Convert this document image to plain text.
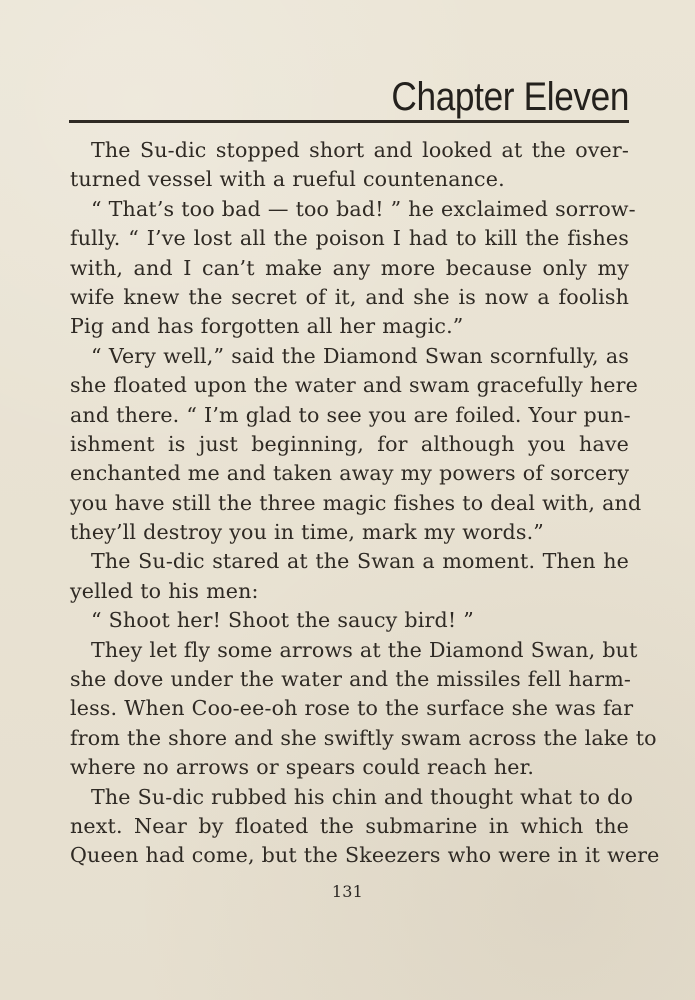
Chapter Eleven
The Su-dic stopped short and looked at the over-
turned vessel with a rueful countenance.
“ That’s too bad — too bad! ” he exclaimed sorrow-
fully. “ I’ve lost all the poison I had to kill the fishes
with, and I can’t make any more because only my
wife knew the secret of it, and she is now a foolish
Pig and has forgotten all her magic.”
“ Very well,” said the Diamond Swan scornfully, as
she floated upon the water and swam gracefully here
and there. “ I’m glad to see you are foiled. Your pun-
ishment is just beginning, for although you have
enchanted me and taken away my powers of sorcery
you have still the three magic fishes to deal with, and
they’ll destroy you in time, mark my words.”
The Su-dic stared at the Swan a moment. Then he
yelled to his men:
“ Shoot her! Shoot the saucy bird! ”
They let fly some arrows at the Diamond Swan, but
she dove under the water and the missiles fell harm-
less. When Coo-ee-oh rose to the surface she was far
from the shore and she swiftly swam across the lake to
where no arrows or spears could reach her.
The Su-dic rubbed his chin and thought what to do
next. Near by floated the submarine in which the
Queen had come, but the Skeezers who were in it were
131
